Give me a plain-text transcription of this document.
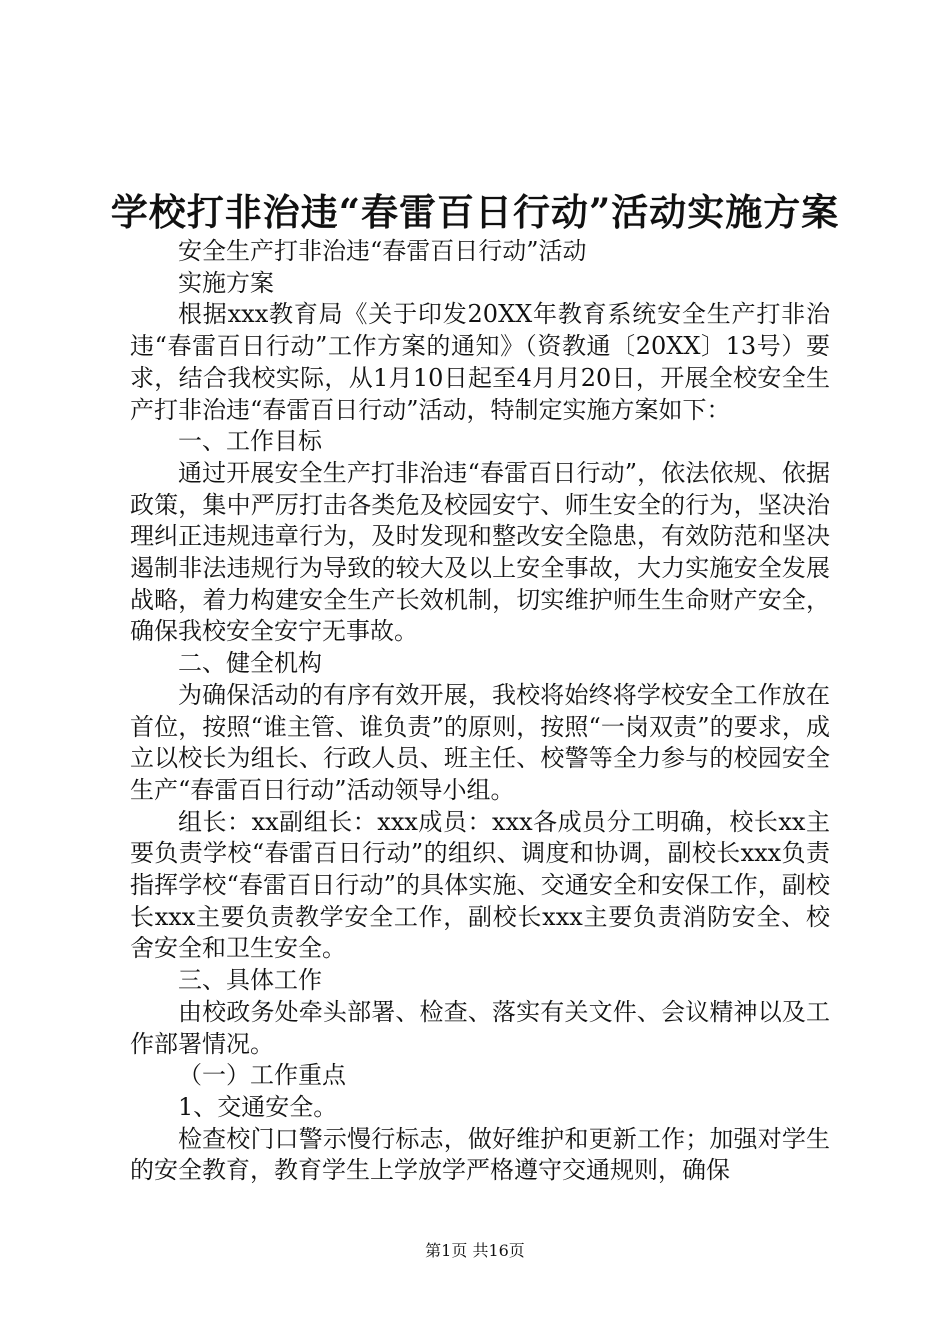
学校打非治违“春雷百日行动”活动实施方案

安全生产打非治违“春雷百日行动”活动

实施方案

根据xxx教育局《关于印发20XX年教育系统安全生产打非治违“春雷百日行动”工作方案的通知》（资教通〔20XX〕13号）要求，结合我校实际，从1月10日起至4月月20日，开展全校安全生产打非治违“春雷百日行动”活动，特制定实施方案如下：

一、工作目标

通过开展安全生产打非治违“春雷百日行动”，依法依规、依据政策，集中严厉打击各类危及校园安宁、师生安全的行为，坚决治理纠正违规违章行为，及时发现和整改安全隐患，有效防范和坚决遏制非法违规行为导致的较大及以上安全事故，大力实施安全发展战略，着力构建安全生产长效机制，切实维护师生生命财产安全，确保我校安全安宁无事故。

二、健全机构

为确保活动的有序有效开展，我校将始终将学校安全工作放在首位，按照“谁主管、谁负责”的原则，按照“一岗双责”的要求，成立以校长为组长、行政人员、班主任、校警等全力参与的校园安全生产“春雷百日行动”活动领导小组。

组长：xx副组长：xxx成员：xxx各成员分工明确，校长xx主要负责学校“春雷百日行动”的组织、调度和协调，副校长xxx负责指挥学校“春雷百日行动”的具体实施、交通安全和安保工作，副校长xxx主要负责教学安全工作，副校长xxx主要负责消防安全、校舍安全和卫生安全。

三、具体工作

由校政务处牵头部署、检查、落实有关文件、会议精神以及工作部署情况。

（一）工作重点

1、交通安全。

检查校门口警示慢行标志，做好维护和更新工作；加强对学生的安全教育，教育学生上学放学严格遵守交通规则，确保

第1页 共16页
